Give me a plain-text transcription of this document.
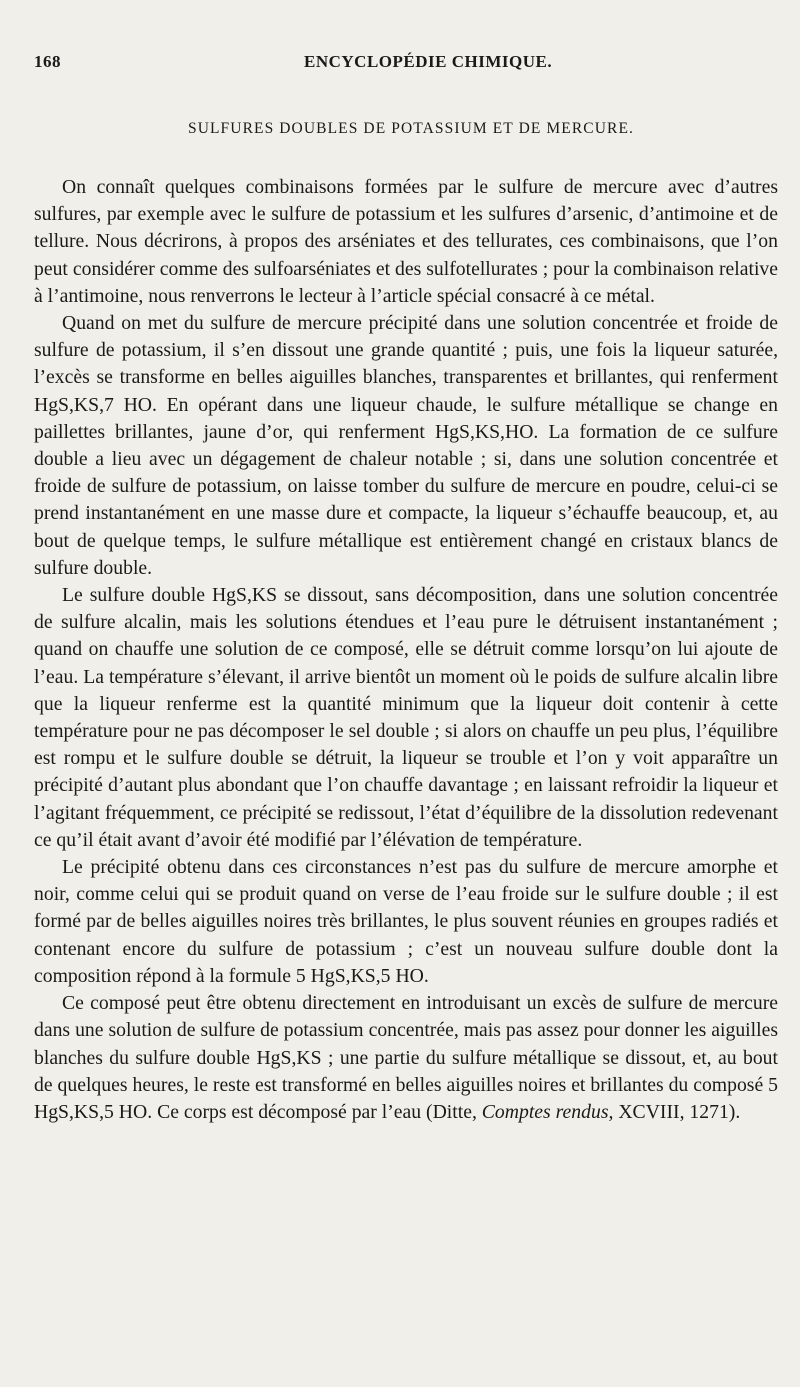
168	ENCYCLOPÉDIE CHIMIQUE.
SULFURES DOUBLES DE POTASSIUM ET DE MERCURE.

On connaît quelques combinaisons formées par le sulfure de mercure avec d’autres sulfures, par exemple avec le sulfure de potassium et les sulfures d’arsenic, d’antimoine et de tellure. Nous décrirons, à propos des arséniates et des tellurates, ces combinaisons, que l’on peut considérer comme des sulfoarséniates et des sulfotellurates ; pour la combinaison relative à l’antimoine, nous renverrons le lecteur à l’article spécial consacré à ce métal.

Quand on met du sulfure de mercure précipité dans une solution concentrée et froide de sulfure de potassium, il s’en dissout une grande quantité ; puis, une fois la liqueur saturée, l’excès se transforme en belles aiguilles blanches, transparentes et brillantes, qui renferment HgS,KS,7 HO. En opérant dans une liqueur chaude, le sulfure métallique se change en paillettes brillantes, jaune d’or, qui renferment HgS,KS,HO. La formation de ce sulfure double a lieu avec un dégagement de chaleur notable ; si, dans une solution concentrée et froide de sulfure de potassium, on laisse tomber du sulfure de mercure en poudre, celui-ci se prend instantanément en une masse dure et compacte, la liqueur s’échauffe beaucoup, et, au bout de quelque temps, le sulfure métallique est entièrement changé en cristaux blancs de sulfure double.

Le sulfure double HgS,KS se dissout, sans décomposition, dans une solution concentrée de sulfure alcalin, mais les solutions étendues et l’eau pure le détruisent instantanément ; quand on chauffe une solution de ce composé, elle se détruit comme lorsqu’on lui ajoute de l’eau. La température s’élevant, il arrive bientôt un moment où le poids de sulfure alcalin libre que la liqueur renferme est la quantité minimum que la liqueur doit contenir à cette température pour ne pas décomposer le sel double ; si alors on chauffe un peu plus, l’équilibre est rompu et le sulfure double se détruit, la liqueur se trouble et l’on y voit apparaître un précipité d’autant plus abondant que l’on chauffe davantage ; en laissant refroidir la liqueur et l’agitant fréquemment, ce précipité se redissout, l’état d’équilibre de la dissolution redevenant ce qu’il était avant d’avoir été modifié par l’élévation de température.

Le précipité obtenu dans ces circonstances n’est pas du sulfure de mercure amorphe et noir, comme celui qui se produit quand on verse de l’eau froide sur le sulfure double ; il est formé par de belles aiguilles noires très brillantes, le plus souvent réunies en groupes radiés et contenant encore du sulfure de potassium ; c’est un nouveau sulfure double dont la composition répond à la formule 5 HgS,KS,5 HO.

Ce composé peut être obtenu directement en introduisant un excès de sulfure de mercure dans une solution de sulfure de potassium concentrée, mais pas assez pour donner les aiguilles blanches du sulfure double HgS,KS ; une partie du sulfure métallique se dissout, et, au bout de quelques heures, le reste est transformé en belles aiguilles noires et brillantes du composé 5 HgS,KS,5 HO. Ce corps est décomposé par l’eau (Ditte, Comptes rendus, XCVIII, 1271).
